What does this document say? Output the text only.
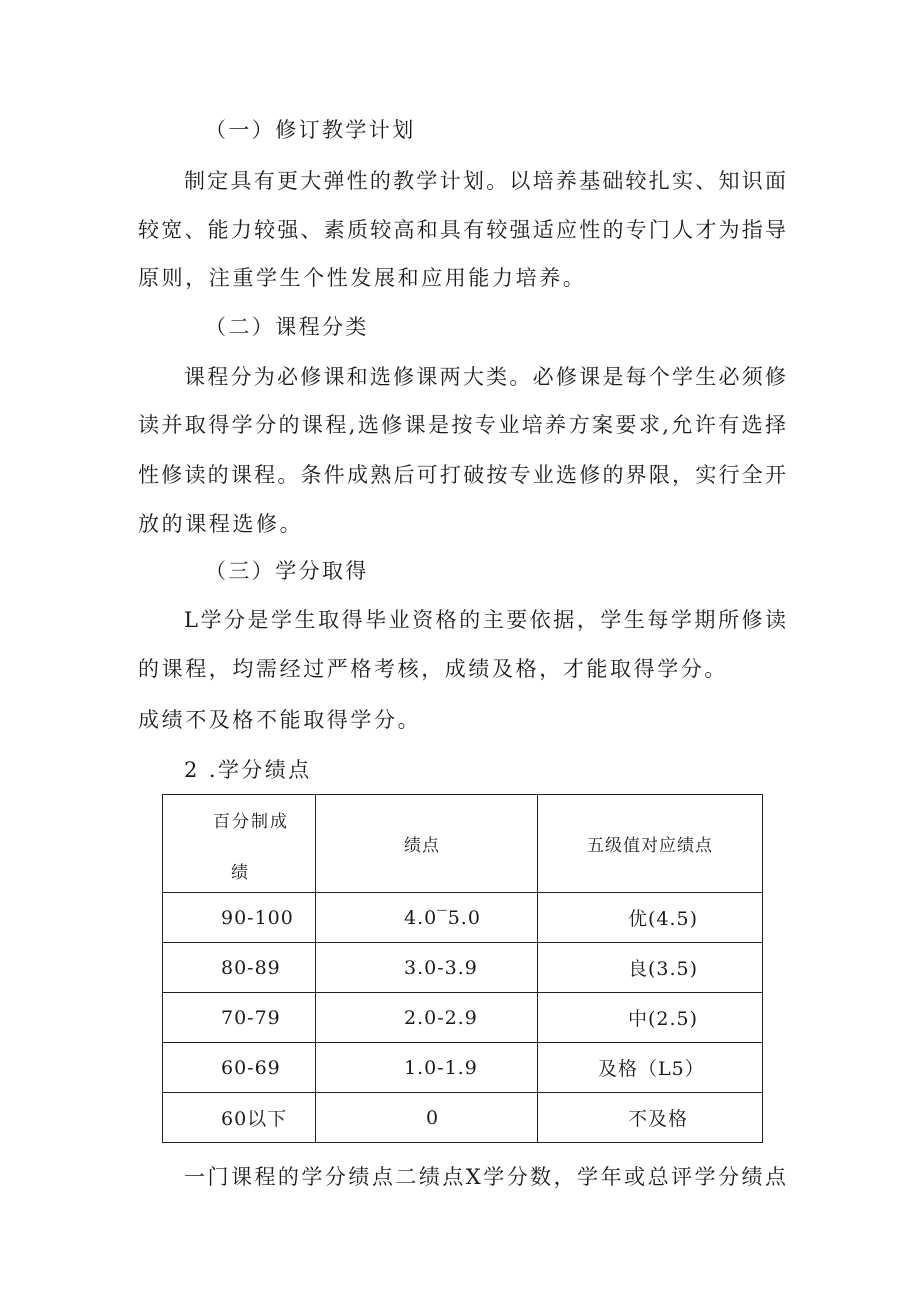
（一）修订教学计划
制定具有更大弹性的教学计划。以培养基础较扎实、知识面
较宽、能力较强、素质较高和具有较强适应性的专门人才为指导
原则，注重学生个性发展和应用能力培养。
（二）课程分类
课程分为必修课和选修课两大类。必修课是每个学生必须修
读并取得学分的课程,选修课是按专业培养方案要求,允许有选择
性修读的课程。条件成熟后可打破按专业选修的界限，实行全开
放的课程选修。
（三）学分取得
L学分是学生取得毕业资格的主要依据，学生每学期所修读
的课程，均需经过严格考核，成绩及格，才能取得学分。
成绩不及格不能取得学分。
2 .学分绩点
百分制成
绩	绩点	五级值对应绩点
90-100	4.0‾5.0	优(4.5)
80-89	3.0-3.9	良(3.5)
70-79	2.0-2.9	中(2.5)
60-69	1.0-1.9	及格（L5）
60以下	0	不及格
一门课程的学分绩点二绩点X学分数，学年或总评学分绩点
